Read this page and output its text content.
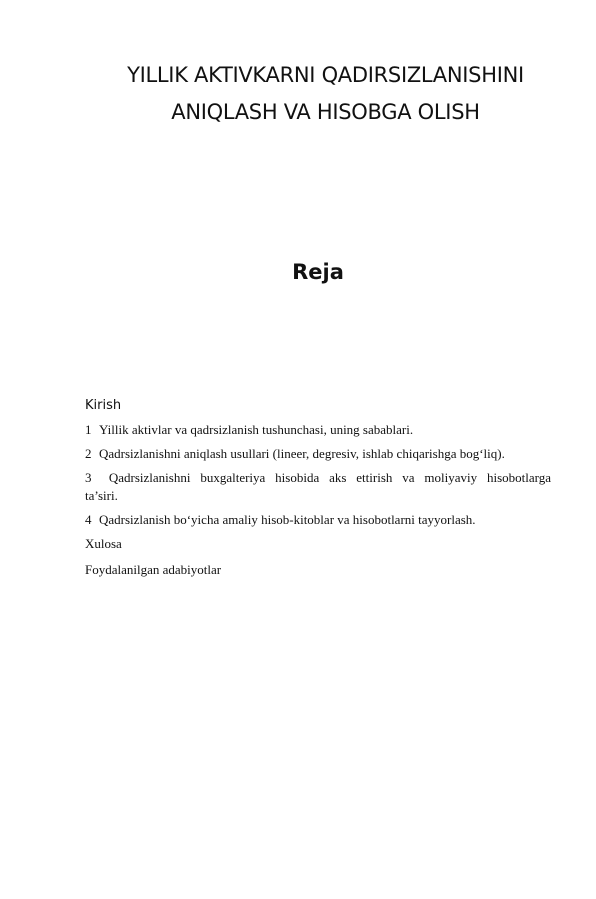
YILLIK AKTIVKARNI QADIRSIZLANISHINI
ANIQLASH VA HISOBGA OLISH
Reja
Kirish
1 Yillik aktivlar va qadrsizlanish tushunchasi, uning sabablari.
2 Qadrsizlanishni aniqlash usullari (lineer, degresiv, ishlab chiqarishga bog‘liq).
3 Qadrsizlanishni buxgalteriya hisobida aks ettirish va moliyaviy hisobotlarga
ta’siri.
4 Qadrsizlanish bo‘yicha amaliy hisob-kitoblar va hisobotlarni tayyorlash.
Xulosa
Foydalanilgan adabiyotlar
